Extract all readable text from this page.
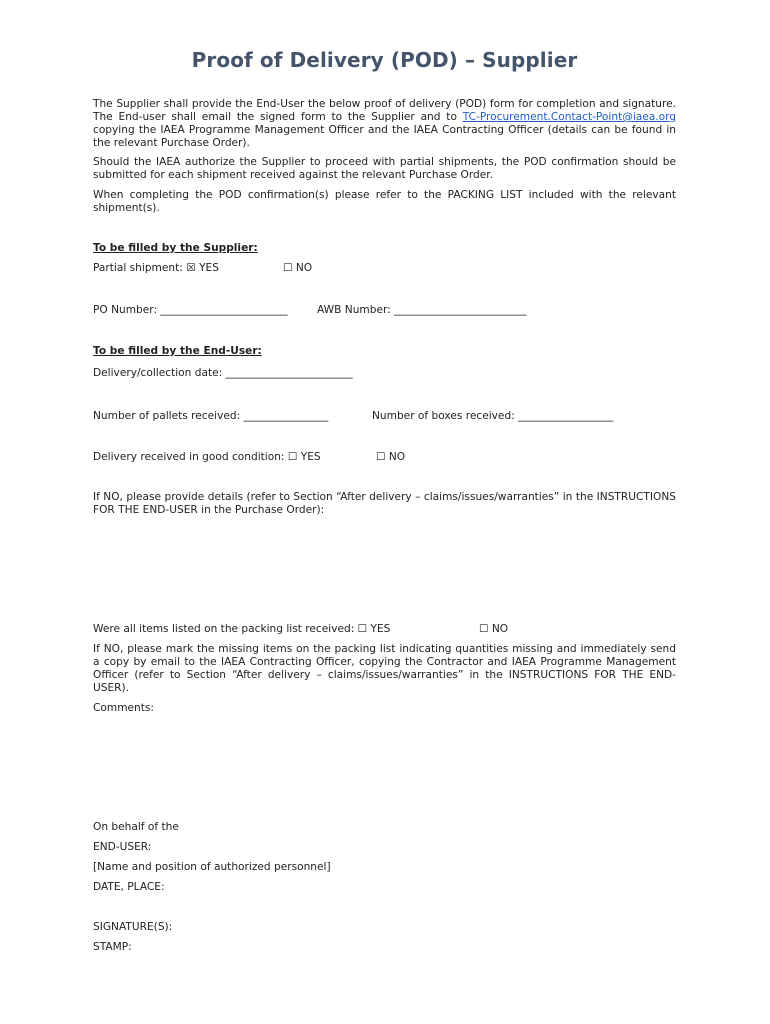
Proof of Delivery (POD) – Supplier
The Supplier shall provide the End-User the below proof of delivery (POD) form for completion and signature. The End-user shall email the signed form to the Supplier and to TC-Procurement.Contact-Point@iaea.org copying the IAEA Programme Management Officer and the IAEA Contracting Officer (details can be found in the relevant Purchase Order).
Should the IAEA authorize the Supplier to proceed with partial shipments, the POD confirmation should be submitted for each shipment received against the relevant Purchase Order.
When completing the POD confirmation(s) please refer to the PACKING LIST included with the relevant shipment(s).
To be filled by the Supplier:
Partial shipment: ☒ YES	☐ NO
PO Number: ________________________	AWB Number: _________________________
To be filled by the End-User:
Delivery/collection date: ________________________
Number of pallets received: ________________	Number of boxes received: __________________
Delivery received in good condition: ☐ YES	☐ NO
If NO, please provide details (refer to Section “After delivery – claims/issues/warranties” in the INSTRUCTIONS FOR THE END-USER in the Purchase Order):
Were all items listed on the packing list received: ☐ YES	☐ NO
If NO, please mark the missing items on the packing list indicating quantities missing and immediately send a copy by email to the IAEA Contracting Officer, copying the Contractor and IAEA Programme Management Officer (refer to Section “After delivery – claims/issues/warranties” in the INSTRUCTIONS FOR THE END-USER).
Comments:
On behalf of the
END-USER:
[Name and position of authorized personnel]
DATE, PLACE:
SIGNATURE(S):
STAMP:
